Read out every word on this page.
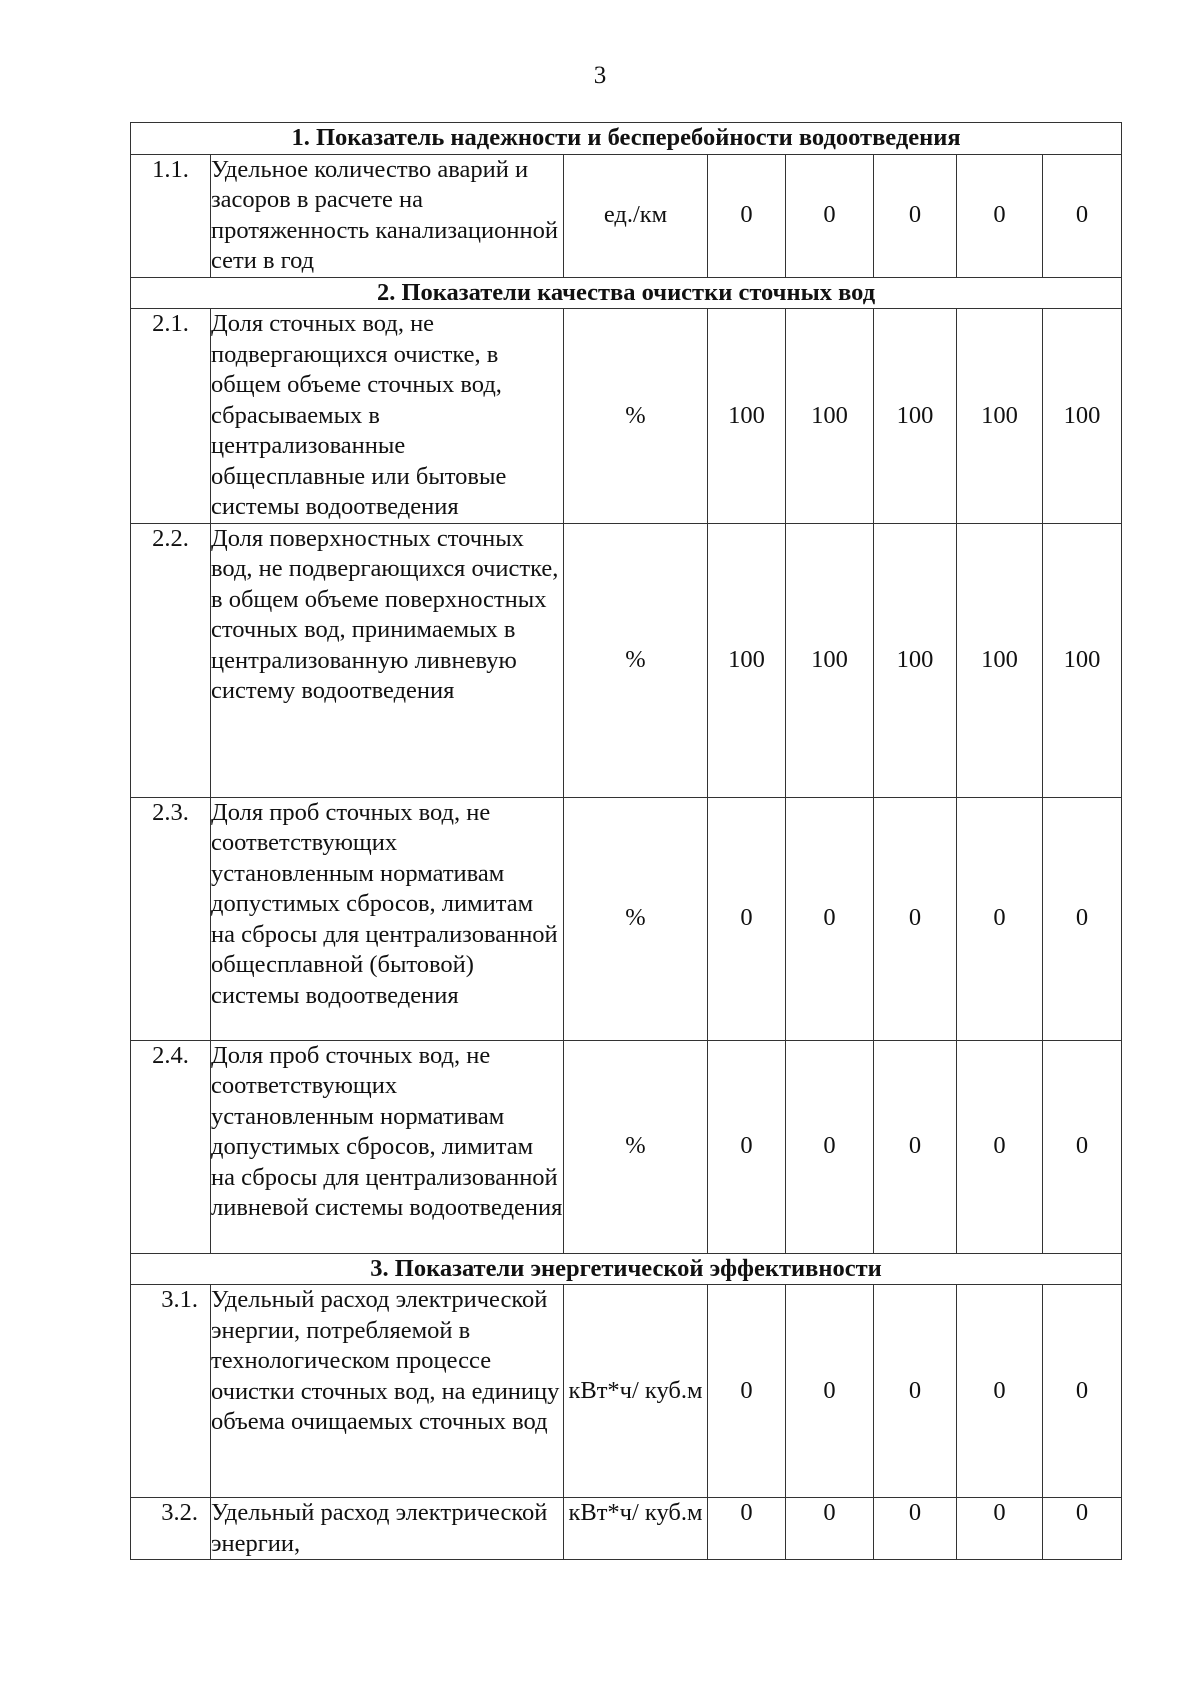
3
1. Показатель надежности и бесперебойности водоотведения							
1.1.	Удельное количество аварий и засоров в расчете на протяженность канализационной сети в год	ед./км	0	0	0	0	0
2. Показатели качества очистки сточных вод							
2.1.	Доля сточных вод, не подвергающихся очистке, в общем объеме сточных вод, сбрасываемых в централизованные общесплавные или бытовые системы водоотведения	%	100	100	100	100	100
2.2.	Доля поверхностных сточных вод, не подвергающихся очистке, в общем объеме поверхностных сточных вод, принимаемых в централизованную ливневую систему водоотведения	%	100	100	100	100	100
2.3.	Доля проб сточных вод, не соответствующих установленным нормативам допустимых сбросов, лимитам на сбросы для централизованной общесплавной (бытовой) системы водоотведения	%	0	0	0	0	0
2.4.	Доля проб сточных вод, не соответствующих установленным нормативам допустимых сбросов, лимитам на сбросы для централизованной ливневой системы водоотведения	%	0	0	0	0	0
3. Показатели энергетической эффективности							
3.1.	Удельный расход электрической энергии, потребляемой в технологическом процессе очистки сточных вод, на единицу объема очищаемых сточных вод	кВт*ч/ куб.м	0	0	0	0	0
3.2.	Удельный расход электрической энергии,	кВт*ч/ куб.м	0	0	0	0	0
